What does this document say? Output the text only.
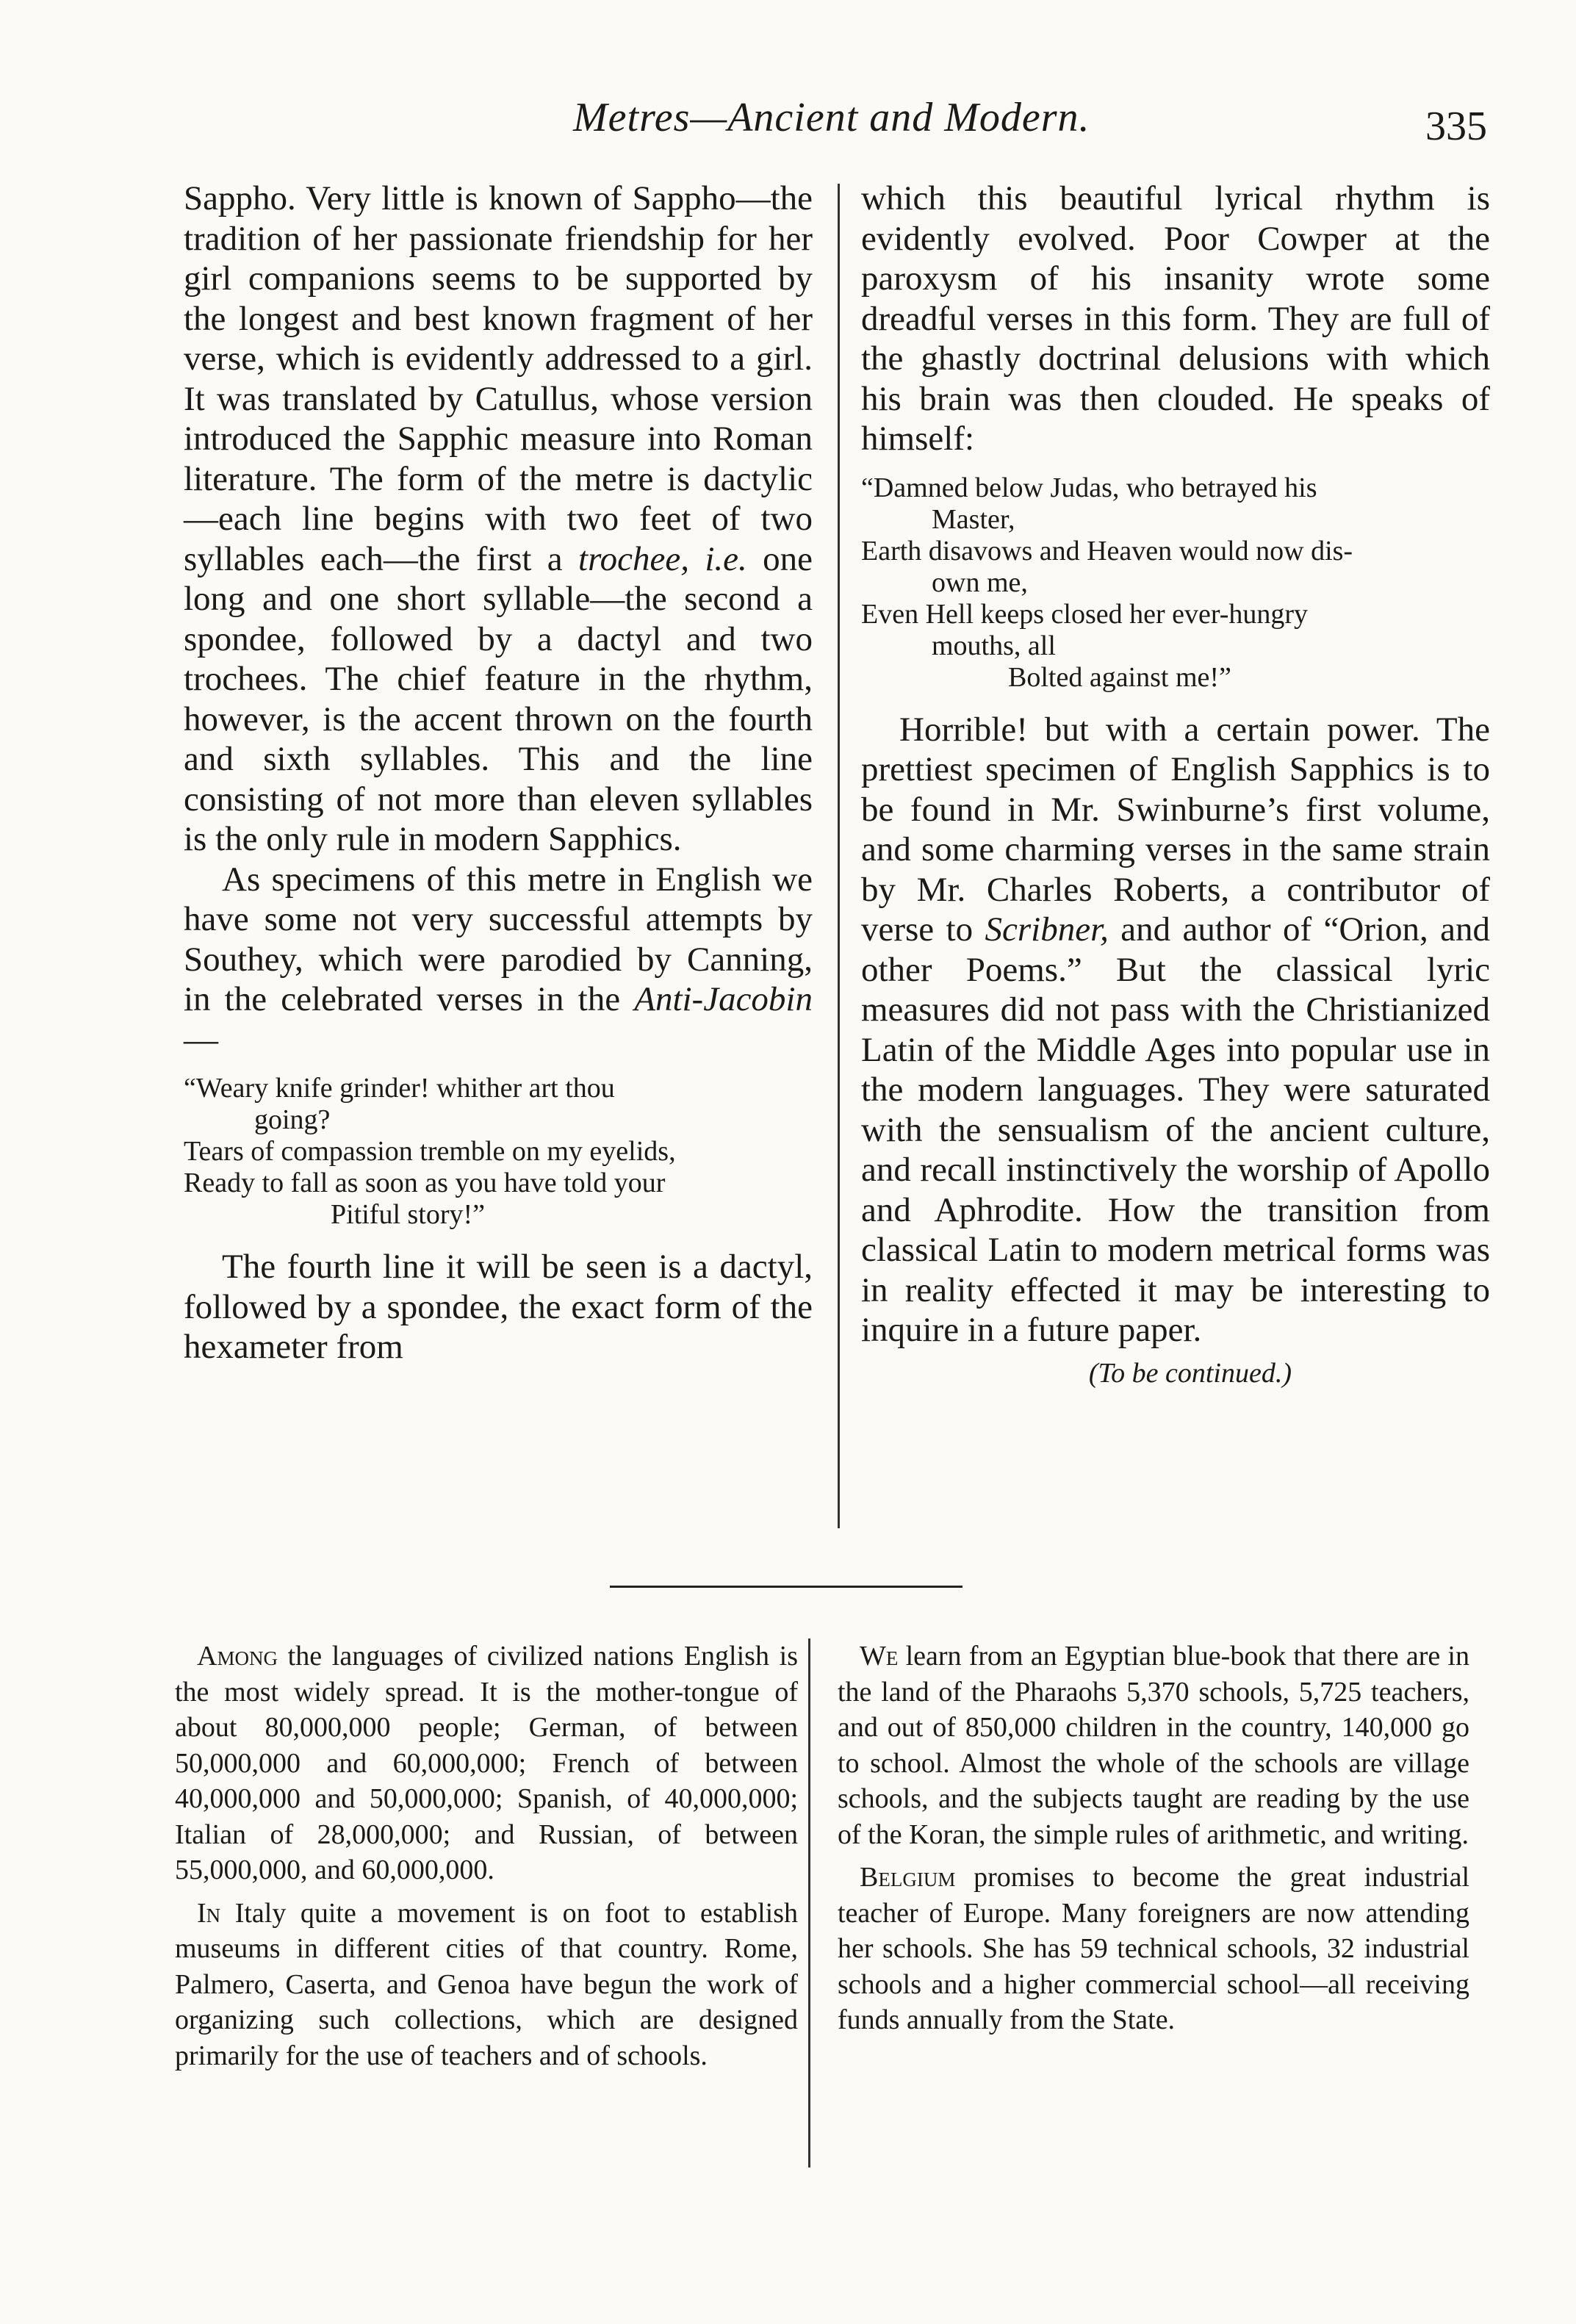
Metres—Ancient and Modern.	335

Sappho. Very little is known of Sappho—the tradition of her passionate friendship for her girl companions seems to be supported by the longest and best known fragment of her verse, which is evidently addressed to a girl. It was translated by Catullus, whose version introduced the Sapphic measure into Roman literature. The form of the metre is dactylic—each line begins with two feet of two syllables each—the first a trochee, i.e. one long and one short syllable—the second a spondee, followed by a dactyl and two trochees. The chief feature in the rhythm, however, is the accent thrown on the fourth and sixth syllables. This and the line consisting of not more than eleven syllables is the only rule in modern Sapphics.

As specimens of this metre in English we have some not very successful attempts by Southey, which were parodied by Canning, in the celebrated verses in the Anti-Jacobin—

“Weary knife grinder! whither art thou
going?
Tears of compassion tremble on my eyelids,
Ready to fall as soon as you have told your
Pitiful story!”

The fourth line it will be seen is a dactyl, followed by a spondee, the exact form of the hexameter from

which this beautiful lyrical rhythm is evidently evolved. Poor Cowper at the paroxysm of his insanity wrote some dreadful verses in this form. They are full of the ghastly doctrinal delusions with which his brain was then clouded. He speaks of himself:

“Damned below Judas, who betrayed his
Master,
Earth disavows and Heaven would now dis-
own me,
Even Hell keeps closed her ever-hungry
mouths, all
Bolted against me!”

Horrible! but with a certain power. The prettiest specimen of English Sapphics is to be found in Mr. Swinburne’s first volume, and some charming verses in the same strain by Mr. Charles Roberts, a contributor of verse to Scribner, and author of “Orion, and other Poems.” But the classical lyric measures did not pass with the Christianized Latin of the Middle Ages into popular use in the modern languages. They were saturated with the sensualism of the ancient culture, and recall instinctively the worship of Apollo and Aphrodite. How the transition from classical Latin to modern metrical forms was in reality effected it may be interesting to inquire in a future paper.

(To be continued.)

Among the languages of civilized nations English is the most widely spread. It is the mother-tongue of about 80,000,000 people; German, of between 50,000,000 and 60,000,000; French of between 40,000,000 and 50,000,000; Spanish, of 40,000,000; Italian of 28,000,000; and Russian, of between 55,000,000, and 60,000,000.

In Italy quite a movement is on foot to establish museums in different cities of that country. Rome, Palmero, Caserta, and Genoa have begun the work of organizing such collections, which are designed primarily for the use of teachers and of schools.

We learn from an Egyptian blue-book that there are in the land of the Pharaohs 5,370 schools, 5,725 teachers, and out of 850,000 children in the country, 140,000 go to school. Almost the whole of the schools are village schools, and the subjects taught are reading by the use of the Koran, the simple rules of arithmetic, and writing.

Belgium promises to become the great industrial teacher of Europe. Many foreigners are now attending her schools. She has 59 technical schools, 32 industrial schools and a higher commercial school—all receiving funds annually from the State.
